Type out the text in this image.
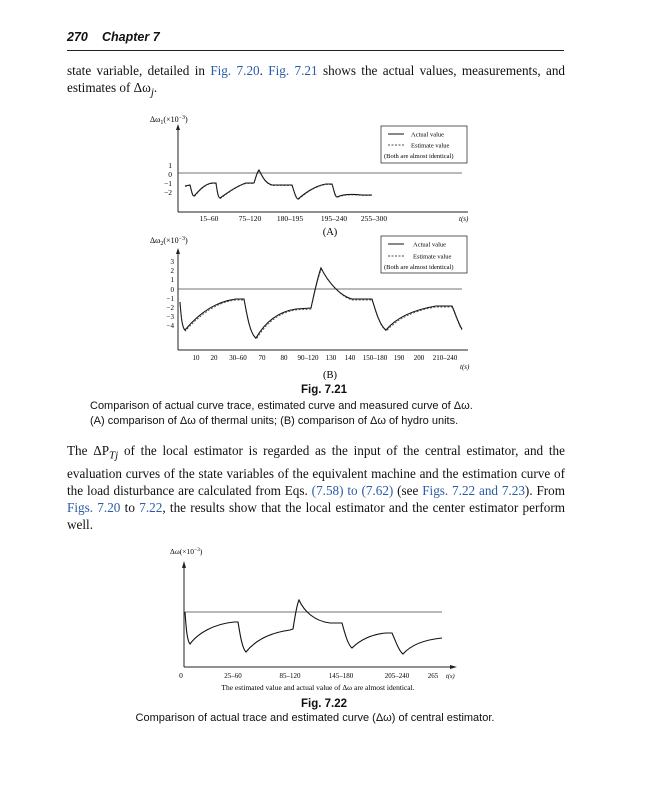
270 Chapter 7
state variable, detailed in Fig. 7.20. Fig. 7.21 shows the actual values, measurements, and estimates of $\Delta\omega_j$.
$\Delta\omega_1(\times 10^{-3})$
1
0
−1
−2
15–60	75–120 180–195 195–240 255–300	t(s)
Actual value
Estimate value
(Both are almost identical)
(A)
$\Delta\omega_2(\times 10^{-3})$
3
2
1
0
−1
−2
−3
−4
10 20 30–60 70 80 90–120 130 140 150–180 190 200 210–240
t(s)
Actual value
Estimate value
(Both are almost identical)
(B)
Fig. 7.21
Comparison of actual curve trace, estimated curve and measured curve of Δω.
(A) comparison of Δω of thermal units; (B) comparison of Δω of hydro units.
The $\Delta P_{Tj}$ of the local estimator is regarded as the input of the central estimator, and the evaluation curves of the state variables of the equivalent machine and the estimation curve of the load disturbance are calculated from Eqs. (7.58) to (7.62) (see Figs. 7.22 and 7.23). From Figs. 7.20 to 7.22, the results show that the local estimator and the center estimator perform well.
$\Delta\omega(\times 10^{-3})$
0	25–60	85–120	145–180	205–240	265 t(s)
The estimated value and actual value of Δω are almost identical.
Fig. 7.22
Comparison of actual trace and estimated curve (Δω) of central estimator.
